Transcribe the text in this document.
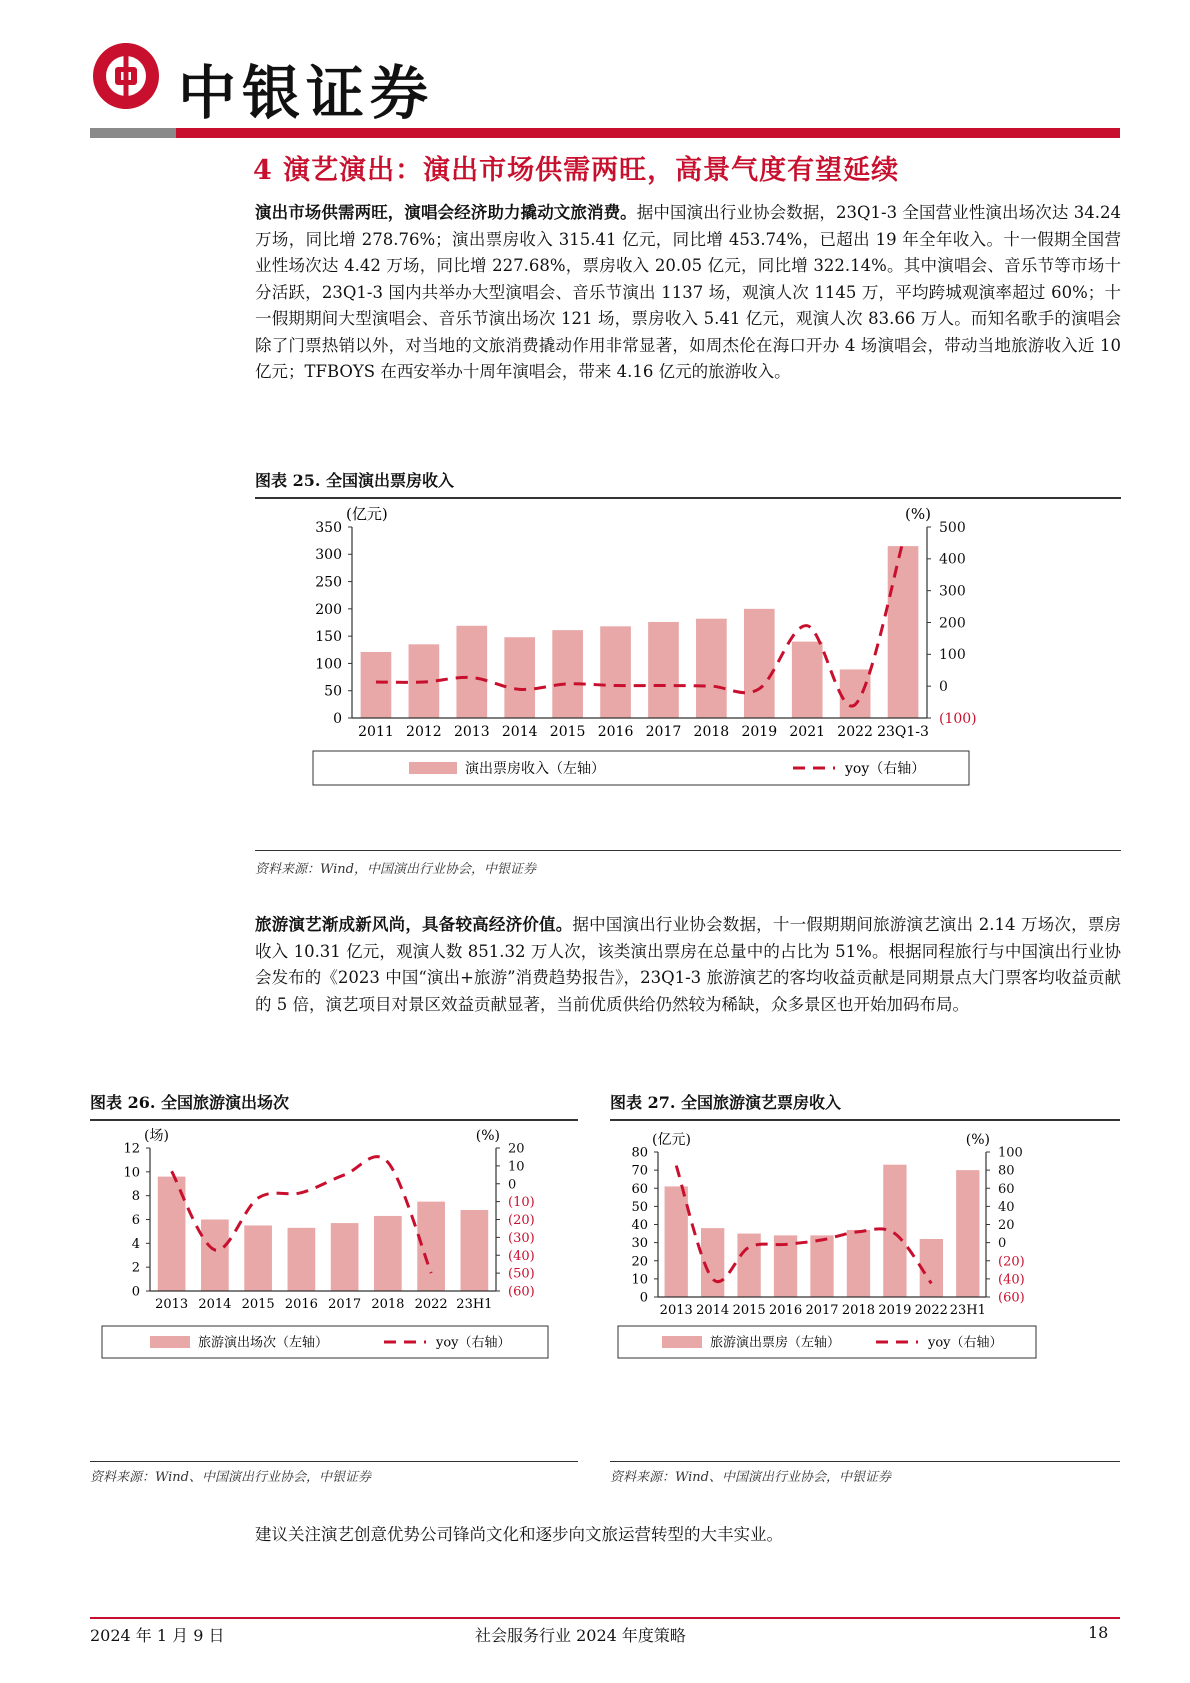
中银证券
4 演艺演出：演出市场供需两旺，高景气度有望延续
演出市场供需两旺，演唱会经济助力撬动文旅消费。据中国演出行业协会数据，23Q1-3 全国营业性演出场次达 34.24 万场，同比增 278.76%；演出票房收入 315.41 亿元，同比增 453.74%，已超出 19 年全年收入。十一假期全国营业性场次达 4.42 万场，同比增 227.68%，票房收入 20.05 亿元，同比增 322.14%。其中演唱会、音乐节等市场十分活跃，23Q1-3 国内共举办大型演唱会、音乐节演出 1137 场，观演人次 1145 万，平均跨城观演率超过 60%；十一假期期间大型演唱会、音乐节演出场次 121 场，票房收入 5.41 亿元，观演人次 83.66 万人。而知名歌手的演唱会除了门票热销以外，对当地的文旅消费撬动作用非常显著，如周杰伦在海口开办 4 场演唱会，带动当地旅游收入近 10 亿元；TFBOYS 在西安举办十周年演唱会，带来 4.16 亿元的旅游收入。
图表 25. 全国演出票房收入
(亿元)	(%)
0
50
100
150
200
250
300
350
(100)
0
100
200
300
400
500
2011 2012 2013 2014 2015 2016 2017 2018 2019 2021 2022 23Q1-3
演出票房收入（左轴）	yoy（右轴）
资料来源：Wind，中国演出行业协会，中银证券
旅游演艺渐成新风尚，具备较高经济价值。据中国演出行业协会数据，十一假期期间旅游演艺演出 2.14 万场次，票房收入 10.31 亿元，观演人数 851.32 万人次，该类演出票房在总量中的占比为 51%。根据同程旅行与中国演出行业协会发布的《2023 中国“演出+旅游”消费趋势报告》，23Q1-3 旅游演艺的客均收益贡献是同期景点大门票客均收益贡献的 5 倍，演艺项目对景区效益贡献显著，当前优质供给仍然较为稀缺，众多景区也开始加码布局。
图表 26. 全国旅游演出场次
(场)	(%)
0
2
4
6
8
10
12
(60)
(50)
(40)
(30)
(20)
(10)
0
10
20
2013 2014 2015 2016 2017 2018 2022 23H1
旅游演出场次（左轴）	yoy（右轴）
资料来源：Wind、中国演出行业协会，中银证券
图表 27. 全国旅游演艺票房收入
(亿元)	(%)
0
10
20
30
40
50
60
70
80
(60)
(40)
(20)
0
20
40
60
80
100
2013 2014 2015 2016 2017 2018 2019 2022 23H1
旅游演出票房（左轴）	yoy（右轴）
资料来源：Wind、中国演出行业协会，中银证券
建议关注演艺创意优势公司锋尚文化和逐步向文旅运营转型的大丰实业。
2024 年 1 月 9 日	社会服务行业 2024 年度策略	18
